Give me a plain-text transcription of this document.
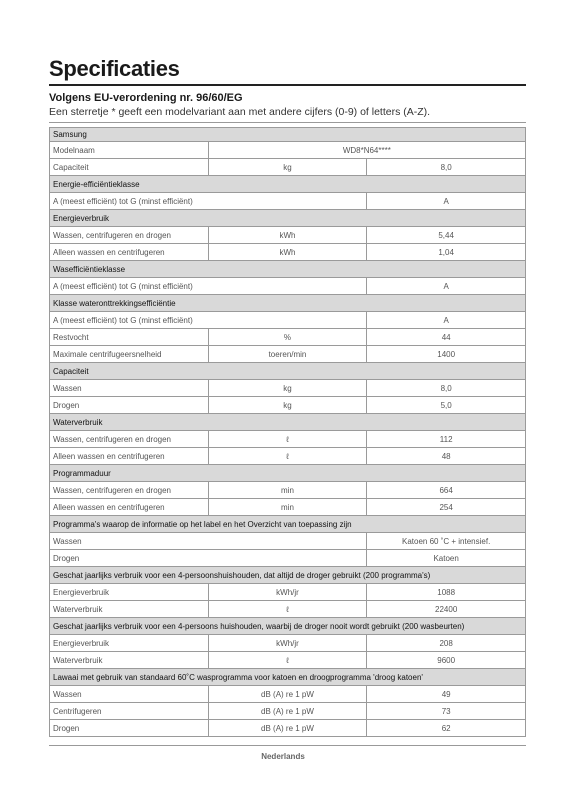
Specificaties
Volgens EU-verordening nr. 96/60/EG
Een sterretje * geeft een modelvariant aan met andere cijfers (0-9) of letters (A-Z).
Samsung		
Modelnaam	WD8*N64****	
Capaciteit	kg	8,0
Energie-efficiëntieklasse		
A (meest efficiënt) tot G (minst efficiënt)		A
Energieverbruik		
Wassen, centrifugeren en drogen	kWh	5,44
Alleen wassen en centrifugeren	kWh	1,04
Wasefficiëntieklasse		
A (meest efficiënt) tot G (minst efficiënt)		A
Klasse wateronttrekkingsefficiëntie		
A (meest efficiënt) tot G (minst efficiënt)		A
Restvocht	%	44
Maximale centrifugeersnelheid	toeren/min	1400
Capaciteit		
Wassen	kg	8,0
Drogen	kg	5,0
Waterverbruik		
Wassen, centrifugeren en drogen	ℓ	112
Alleen wassen en centrifugeren	ℓ	48
Programmaduur		
Wassen, centrifugeren en drogen	min	664
Alleen wassen en centrifugeren	min	254
Programma's waarop de informatie op het label en het Overzicht van toepassing zijn		
Wassen		Katoen 60 ˚C + intensief.
Drogen		Katoen
Geschat jaarlijks verbruik voor een 4-persoonshuishouden, dat altijd de droger gebruikt (200 programma's)		
Energieverbruik	kWh/jr	1088
Waterverbruik	ℓ	22400
Geschat jaarlijks verbruik voor een 4-persoons huishouden, waarbij de droger nooit wordt gebruikt (200 wasbeurten)		
Energieverbruik	kWh/jr	208
Waterverbruik	ℓ	9600
Lawaai met gebruik van standaard 60˚C wasprogramma voor katoen en droogprogramma 'droog katoen'		
Wassen	dB (A) re 1 pW	49
Centrifugeren	dB (A) re 1 pW	73
Drogen	dB (A) re 1 pW	62
Nederlands
